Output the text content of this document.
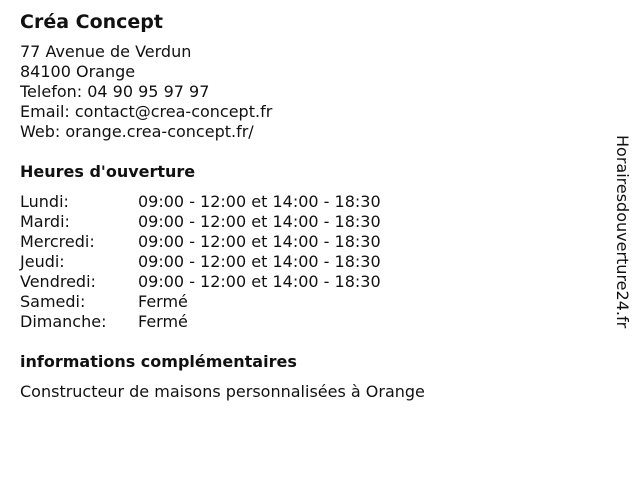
Créa Concept
77 Avenue de Verdun
84100 Orange
Telefon: 04 90 95 97 97
Email: contact@crea-concept.fr
Web: orange.crea-concept.fr/
Heures d'ouverture
Lundi:	09:00 - 12:00 et 14:00 - 18:30
Mardi:	09:00 - 12:00 et 14:00 - 18:30
Mercredi:	09:00 - 12:00 et 14:00 - 18:30
Jeudi:	09:00 - 12:00 et 14:00 - 18:30
Vendredi:	09:00 - 12:00 et 14:00 - 18:30
Samedi:	Fermé
Dimanche:	Fermé
informations complémentaires
Constructeur de maisons personnalisées à Orange
Horairesdouverture24.fr
